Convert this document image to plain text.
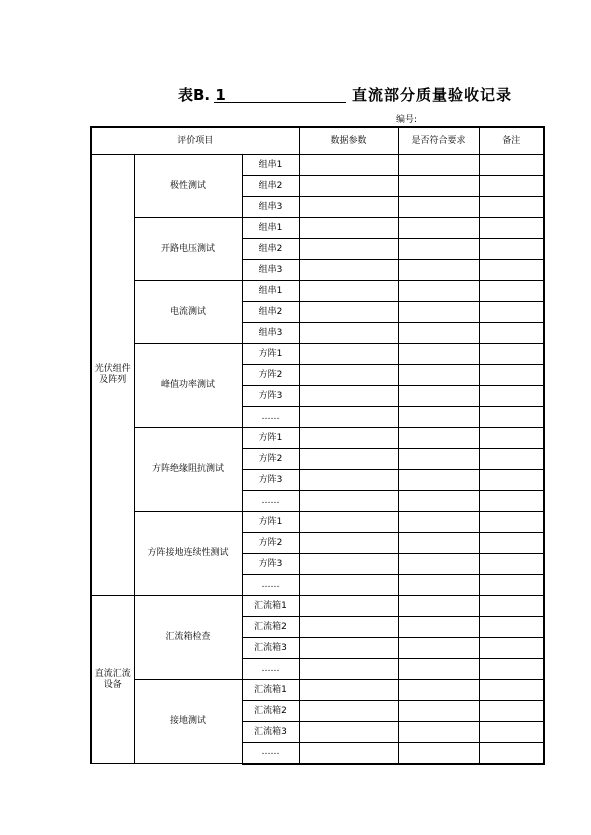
表B. 1	直流部分质量验收记录
编号:
评价项目			数据参数	是否符合要求	备注
光伏组件及阵列	极性测试	组串1			
		组串2			
		组串3			
	开路电压测试	组串1			
		组串2			
		组串3			
	电流测试	组串1			
		组串2			
		组串3			
	峰值功率测试	方阵1			
		方阵2			
		方阵3			
		……			
	方阵绝缘阻抗测试	方阵1			
		方阵2			
		方阵3			
		……			
	方阵接地连续性测试	方阵1			
		方阵2			
		方阵3			
		……			
直流汇流设备	汇流箱检查	汇流箱1			
		汇流箱2			
		汇流箱3			
		……			
	接地测试	汇流箱1			
		汇流箱2			
		汇流箱3			
		……			
